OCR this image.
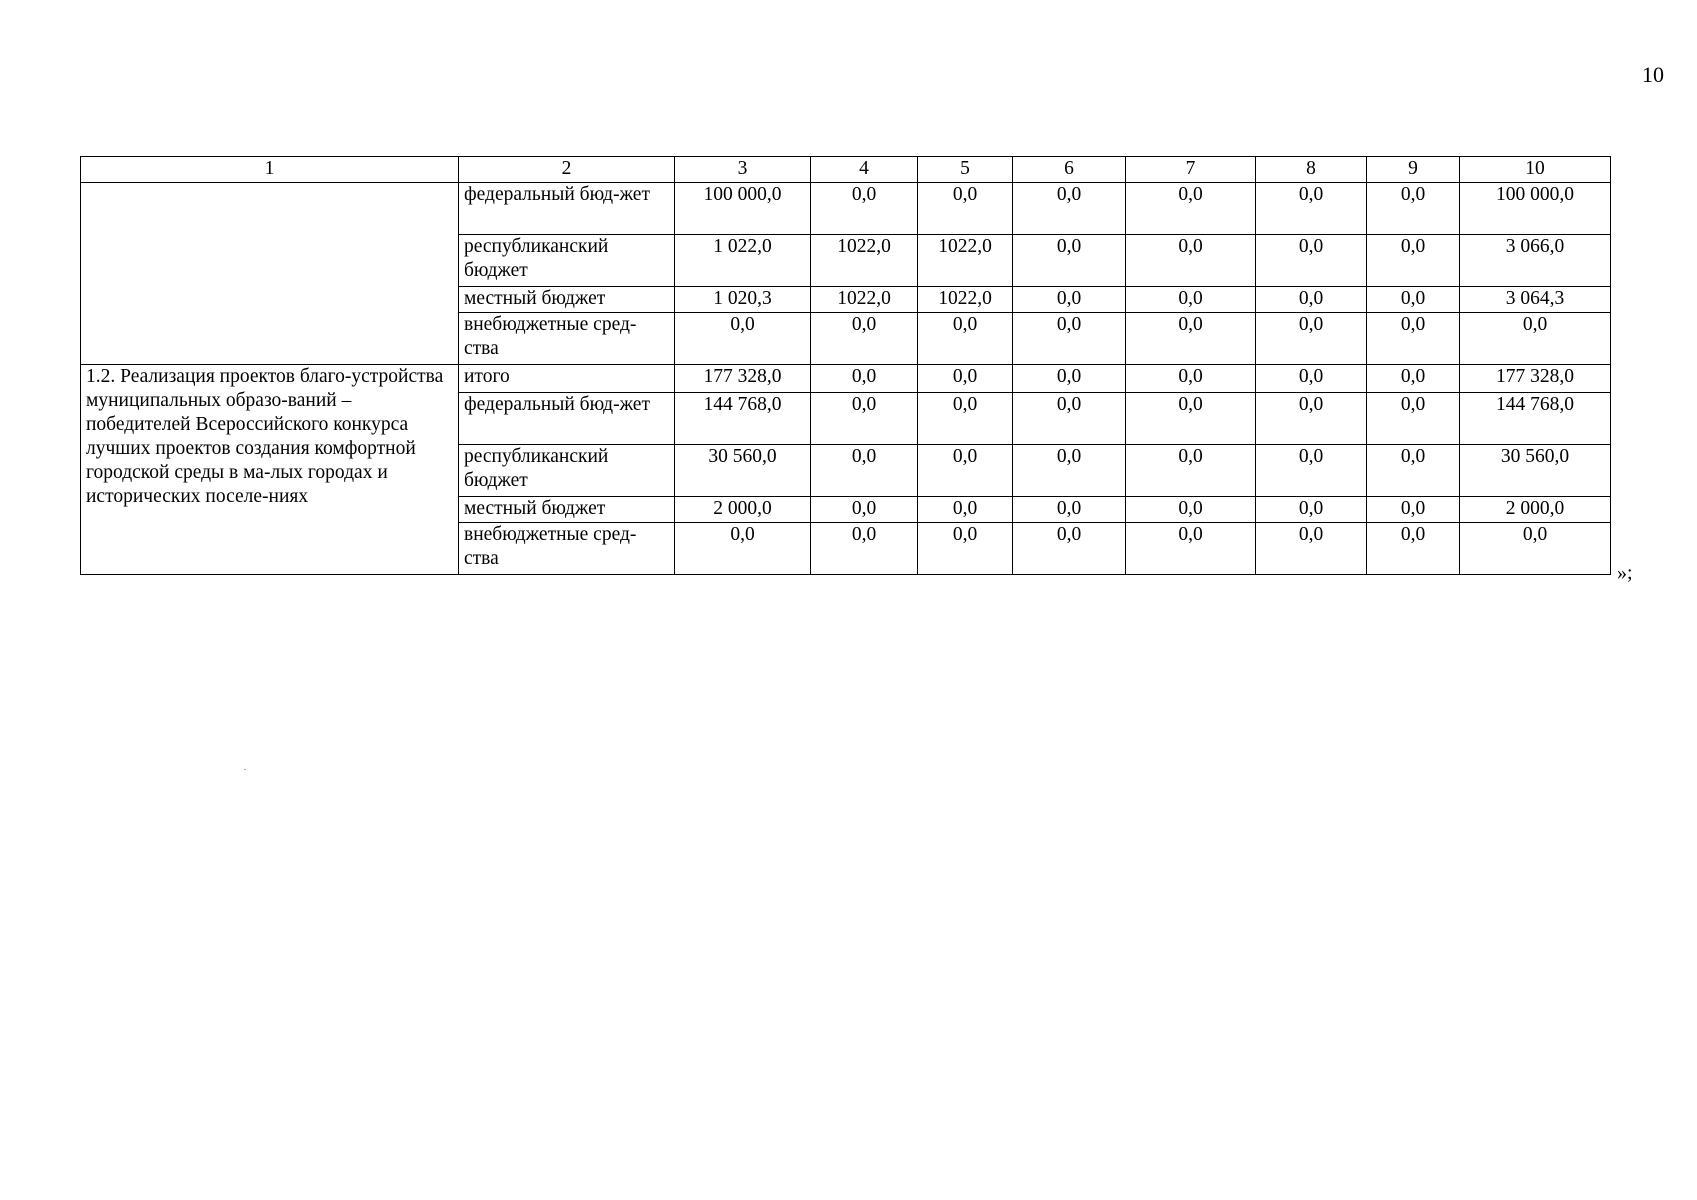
10
1	2	3	4	5	6	7	8	9	10
	федеральный бюд-жет	100 000,0	0,0	0,0	0,0	0,0	0,0	0,0	100 000,0
	республиканский бюджет	1 022,0	1022,0	1022,0	0,0	0,0	0,0	0,0	3 066,0
	местный бюджет	1 020,3	1022,0	1022,0	0,0	0,0	0,0	0,0	3 064,3
	внебюджетные сред-ства	0,0	0,0	0,0	0,0	0,0	0,0	0,0	0,0
1.2. Реализация проектов благо-устройства муниципальных образо-ваний – победителей Всероссийского конкурса лучших проектов создания комфортной городской среды в ма-лых городах и исторических поселе-ниях	итого	177 328,0	0,0	0,0	0,0	0,0	0,0	0,0	177 328,0
	федеральный бюд-жет	144 768,0	0,0	0,0	0,0	0,0	0,0	0,0	144 768,0
	республиканский бюджет	30 560,0	0,0	0,0	0,0	0,0	0,0	0,0	30 560,0
	местный бюджет	2 000,0	0,0	0,0	0,0	0,0	0,0	0,0	2 000,0
	внебюджетные сред-ства	0,0	0,0	0,0	0,0	0,0	0,0	0,0	0,0
»;
